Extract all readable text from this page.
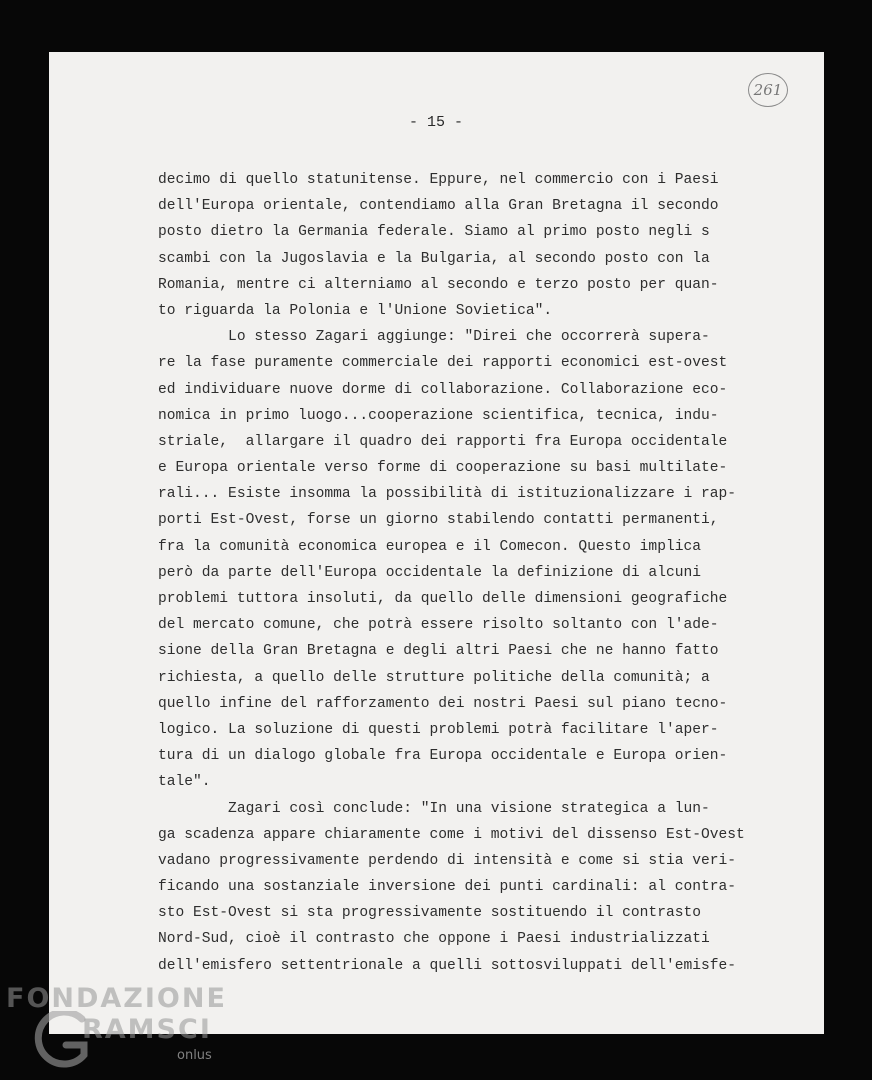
261
- 15 -
decimo di quello statunitense. Eppure, nel commercio con i Paesi
dell'Europa orientale, contendiamo alla Gran Bretagna il secondo
posto dietro la Germania federale. Siamo al primo posto negli s
scambi con la Jugoslavia e la Bulgaria, al secondo posto con la
Romania, mentre ci alterniamo al secondo e terzo posto per quan-
to riguarda la Polonia e l'Unione Sovietica".
Lo stesso Zagari aggiunge: "Direi che occorrerà supera-
re la fase puramente commerciale dei rapporti economici est-ovest
ed individuare nuove dorme di collaborazione. Collaborazione eco-
nomica in primo luogo...cooperazione scientifica, tecnica, indu-
striale,  allargare il quadro dei rapporti fra Europa occidentale
e Europa orientale verso forme di cooperazione su basi multilate-
rali... Esiste insomma la possibilità di istituzionalizzare i rap-
porti Est-Ovest, forse un giorno stabilendo contatti permanenti,
fra la comunità economica europea e il Comecon. Questo implica
però da parte dell'Europa occidentale la definizione di alcuni
problemi tuttora insoluti, da quello delle dimensioni geografiche
del mercato comune, che potrà essere risolto soltanto con l'ade-
sione della Gran Bretagna e degli altri Paesi che ne hanno fatto
richiesta, a quello delle strutture politiche della comunità; a
quello infine del rafforzamento dei nostri Paesi sul piano tecno-
logico. La soluzione di questi problemi potrà facilitare l'aper-
tura di un dialogo globale fra Europa occidentale e Europa orien-
tale".
Zagari così conclude: "In una visione strategica a lun-
ga scadenza appare chiaramente come i motivi del dissenso Est-Ovest
vadano progressivamente perdendo di intensità e come si stia veri-
ficando una sostanziale inversione dei punti cardinali: al contra-
sto Est-Ovest si sta progressivamente sostituendo il contrasto
Nord-Sud, cioè il contrasto che oppone i Paesi industrializzati
dell'emisfero settentrionale a quelli sottosviluppati dell'emisfe-
FONDAZIONE
RAMSCI
onlus
